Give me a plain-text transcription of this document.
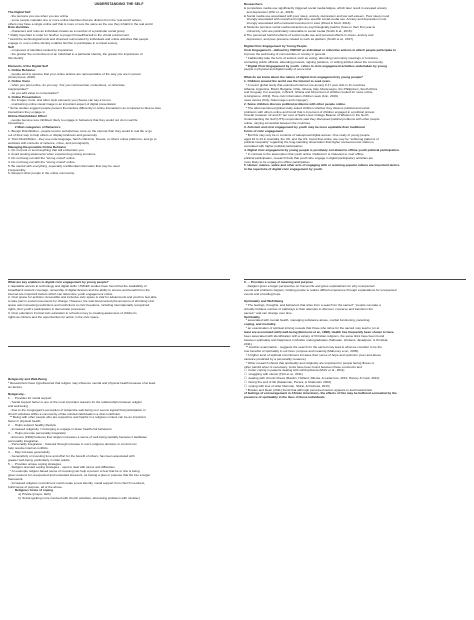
UNDERSTANDING THE SELF
The Digital Self
- the persona you use when you are online
- some people maintain one or more online identities that are distinct from the 'real world' selves;
others may have a single online self that is more or less the same as the one they inhabit in the real world
Role identities
- characters and roles an individual creates as a member of a particular social group
* Vitally important in order for him/her to project himself/herself to the virtual environment.
* Avoid the technological tools and channels surrounded by individuals and online activities that people
engage in, one's online identity enables him/her to participate in a virtual society.
Self
- composed of identities ranked by importance
- the greater the commitment of an individual to a particular identity, the greater the importance of
this identity

Elements of the Digital Self
1. Online Behavior
- people tend to assume that your online actions are representative of the way you are in person
(Anonymous, 2018).
2. Online Voice
- when you post online, do you say: 'Are you controversial, contentious, or otherwise
inappropriate?'
- do you add value to conversation?
3. Online Presentation
- the images, fonts, and other style elements you choose can say a lot too
- maintaining online visual image is an important aspect of digital presentation
* Some studies suggest people present themselves differently in online interactions as compared to face-to-face
interactions they engage in.
Online Disinhibition Effect
- people become less inhibited, likely to engage in behaviors that they would not do in real life
interactions
2 Main categories of Behaviors
1. Benign Disinhibition - people tend to self-disclose more on the internet than they would in real life or go
out of their way to help others or display kindness and generosity.
2. Toxic Disinhibition - they use rude language, harsh criticisms, threats, or others online platforms, and go to
websites with contents of violence, crime, and pornography
Managing Responsible Online Behavior
1. Do not post or send anything that will embarrass you.
2. Avoid posting statements when experiencing strong emotions.
3. Do not hang out with the "wrong crowd" online.
4. Do not hang out with the "wrong crowd" online.
5. Be careful with everything, especially confidential information that may be used
irresponsibly.
6. Respect other people in the online community.
What are key enablers to digital civic engagement by young people?
1. Equitable access to technology and digital skills: UNICEF studies have found that the availability of
broadband network coverage, ownership of digital devices and the ability to access and benefit from the
internet are important factors which can determine youth engagement online.
2. Civic space for activism: Accessible and inclusive civic space is vital for adolescents and youth to feel able
to take part in social movements for change. However, the well documented phenomenon of shrinking civic
space was increasing restrictions and restrictions to civic freedoms, including internationally recognized
rights, limit youth's participation in democratic processes.
3. Civic education: Formal civic education in schools is key to creating awareness of children's
rights as citizens and the opportunities for action in the civic space.
Religiosity and Well-Being
* Researchers have hypothesized that religion may influence mental and physical health because of at least
six factors.

Religiosity...
1. ... Provides for social support
- Social support factor is one of the most important reasons for the relationships between religion
and well-being.
- Due to the congregant's perception of subjective well-being so it seems logical that participation in
church activities within a community of like-minded individuals is a vital contributor.
** Being with other people who are supportive and helpful in a religious context can be an important
factor in physical health.
2. ... Helps support healthy lifestyle
- Increased religiosity = belonging to engage in fewer health-risk behaviors.
3. ... Helps promote personality integration
- Emmons (1990) believes that religion increases a sense of well-being partially because it facilitates
personality integration.
- Personality integration - fostered through increase in one's religious decision-or commit can
help resolve internal conflicts.
4. ... May increase generativity
- Generativity or investing time and effort for the benefit of others, has been associated with
greater well-being, particularly in older adults.
5. ... Provides unique coping strategies
- Religion-oriented coping strategies - used to deal with stress and difficulties.
* An example religion-based sense of meaning can help a person to feel that he or she is being
given reasons for unexpected and unwanted stressors, as having a plan or purpose that fits into a larger
framework.
- Increased religious commitment could create a new identity, social support from church members,
build sense of purpose, all of the above.
Religious forms of coping
a) Private (prayer, faith)
b) Social (getting more involved with church activities, discussing problems with minister)
Researchers
● compulsive media use significantly triggered social media fatigue, which later result in elevated anxiety
and depression (Dhir et. al., 2018).
● Social media use associated with poor sleep, anxiety, depression and low self-esteem. Poor sleep mood
strongly associated with overall and night-time specific social media use. Anxiety and depression most
strongly associated with emotional investment in sites (Wood & Scott, 2016).
● Students perceive social media ostracism as psychologically painful, those in their first year at
University, who are particularly vulnerable to social media (Smith & al., 2015).
● The perceived harmful effects of social media use and personal effects in stress, anxiety and
depression, and peer-pressure related to such as platform (Smith et al., 2017).

Digital Civic Engagement by Young People
Civic Engagement - defined by UNICEF as individual or collective actions in which people participate to
improve the well-being of communities or society in general
* traditionally take the form of actions such as voting, attending community meetings or functions,
contacting public officials, attending protests, signing petitions, or writing articles about the community.
* Digital Civic Engagement by youth - refers to civic engagement activities undertaken by young
people in physical and digital reality of some kind

What do we know about the nature of digital civic engagement by young people?
1. Children around the world use the internet to seek news.
* A recent global study that examined internet use among 9-17 year olds in 11 countries
Albania, Argentina, Brazil, Bulgaria, Chile, Ghana, Italy, Montenegro, the Philippines, South Africa
and Uruguay. For example, in Brazil, Ghana and 60 percent of children looked for news online.
(Livingstone, 2019). Here civic information children seek (Ann, 2019).
news stories (Kitty, Notermegen and Linguger).
2. Some children discuss political problems with other people online.
* The aforementioned global study asked children whether they discuss political and social
problems with others online and found that 1-4 percent of children engaged in a political protest.
Overall, between 12 and 27 per cent of Saint Louis College Beacon of Wisdom in the North
Understanding the Self (UTS) respondents said they discussed political problems with other people
online, varying somewhat between the countries.
3. Activism and civic engagement by youth may be more equitable than traditional
forms of civic engagement
* But this may only be in contexts of widespread digital access. One study of young people
aged 16 to 24 in Australia, the UK, and the US, found that online use may be "softening patterns of
political inequality" regarding the long-standing observation that higher socioeconomic status is
correlated with higher political participation.
4. Digital civic engagement by young people is positively correlated to offline youth political participation.
* In contrast to the assumption that youth online 'clicktivism' is irrelevant to 'real' offline
political participation, research finds that youth who engage in digital participatory activities are
more likely to be engaged in offline participation.
5. Humor, memes, satire and other acts of engaging with or remixing popular culture are important tactics
in the repertoire of digital civic engagement by youth.
6. ... Provides a sense of meaning and purpose
- Religion gives a larger perspective on human life and gives explanations for why unexpected
events and problems happen, helping people to realize difficult experience through explanations for unexpected
events and providing hope.

Spirituality and Well-Being
* The feelings, thoughts, and behaviors that arise from a search for the sacred"; "people can take a
virtually limitless number of pathways in their attempts to discover, conserve and transform the
sacred." and can change over time.
Spirituality
* associated with mental health, managing substance abuse, marital functioning, parenting,
coping, and mortality.
* an examination of spiritual striving reveals that those who strive for the sacred may lead to (or at
least are associated with) well-being (Emmons et al., 1998). Health has frequently been shown to have
been associated with identification with a variety of Christian religions, the same links have been found
between spirituality and happiness in Muslim undergraduates (Sahraian, Gholami, Javadpour, & Omidvar,
2011).
** Another examination - suggests the search for the sacred may lead to what we consider to be the
true benefits of spirituality in our lives: purpose and meaning (Mahoney et al., 2005).
* A higher level of spiritual commitment increase their sense of hope and optimism (over and above
variance predicted by a personality measure)
* Other research shows that spirituality and religiosity are important for people facing illness or
other painful when is necessary. Links have been found between these constructs and
☐  better coping in patients dealing with schizophrenia (Mohr et al., 2011)
☐  struggling with cancer (Holt et al., 2011)
☐  dealing with chronic illness (Ravdin, Holland, Dilenia, & Laderman, 2012; Harvey & Cook, 2010)
☐  facing the end of life (Daaleman, Perera, & Studenski, 2004)
☐  coping with loss of older liberman, Shirai, & Pedrosa, 2013)
* Bowlen and Dean (2011) found that although perceived racism appears to lead toward lack
of feelings of encouragement in African Americans, the effects of this may be buffered somewhat by the
presence of spirituality in the lives of these individuals.
